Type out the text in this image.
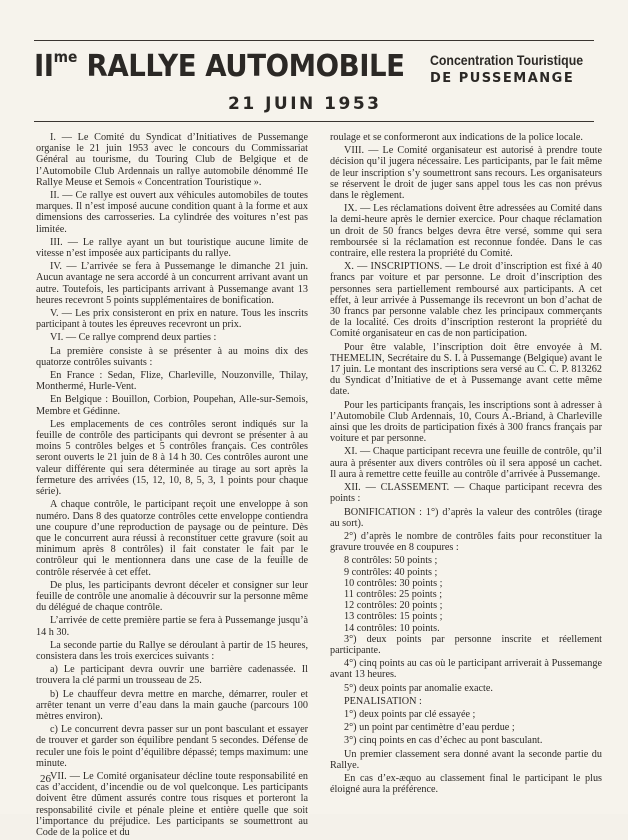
$II^{me}$ RALLYE AUTOMOBILE Concentration Touristique
DE PUSSEMANGE
21 JUIN 1953

I. — Le Comité du Syndicat d’Initiatives de Pussemange organise le 21 juin 1953 avec le concours du Commissariat Général au tourisme, du Touring Club de Belgique et de l’Automobile Club Ardennais un rallye automobile dénommé IIe Rallye Meuse et Semois « Concentration Touristique ».

II. — Ce rallye est ouvert aux véhicules automobiles de toutes marques. Il n’est imposé aucune condition quant à la forme et aux dimensions des carrosseries. La cylindrée des voitures n’est pas limitée.

III. — Le rallye ayant un but touristique aucune limite de vitesse n’est imposée aux participants du rallye.

IV. — L’arrivée se fera à Pussemange le dimanche 21 juin. Aucun avantage ne sera accordé à un concurrent arrivant avant un autre. Toutefois, les participants arrivant à Pussemange avant 13 heures recevront 5 points supplémentaires de bonification.

V. — Les prix consisteront en prix en nature. Tous les inscrits participant à toutes les épreuves recevront un prix.

VI. — Ce rallye comprend deux parties :

La première consiste à se présenter à au moins dix des quatorze contrôles suivants :

En France : Sedan, Flize, Charleville, Nouzonville, Thilay, Monthermé, Hurle-Vent.

En Belgique : Bouillon, Corbion, Poupehan, Alle-sur-Semois, Membre et Gédinne.

Les emplacements de ces contrôles seront indiqués sur la feuille de contrôle des participants qui devront se présenter à au moins 5 contrôles belges et 5 contrôles français. Ces contrôles seront ouverts le 21 juin de 8 à 14 h 30. Ces contrôles auront une valeur différente qui sera déterminée au tirage au sort après la fermeture des arrivées (15, 12, 10, 8, 5, 3, 1 points pour chaque série).

A chaque contrôle, le participant reçoit une enveloppe à son numéro. Dans 8 des quatorze contrôles cette enveloppe contiendra une coupure d’une reproduction de paysage ou de peinture. Dès que le concurrent aura réussi à reconstituer cette gravure (soit au minimum après 8 contrôles) il fait constater le fait par le contrôleur qui le mentionnera dans une case de la feuille de contrôle réservée à cet effet.

De plus, les participants devront déceler et consigner sur leur feuille de contrôle une anomalie à découvrir sur la personne même du délégué de chaque contrôle.

L’arrivée de cette première partie se fera à Pussemange jusqu’à 14 h 30.

La seconde partie du Rallye se déroulant à partir de 15 heures, consistera dans les trois exercices suivants :

a) Le participant devra ouvrir une barrière cadenassée. Il trouvera la clé parmi un trousseau de 25.

b) Le chauffeur devra mettre en marche, démarrer, rouler et arrêter tenant un verre d’eau dans la main gauche (parcours 100 mètres environ).

c) Le concurrent devra passer sur un pont basculant et essayer de trouver et garder son équilibre pendant 5 secondes. Défense de reculer une fois le point d’équilibre dépassé; temps maximum: une minute.

VII. — Le Comité organisateur décline toute responsabilité en cas d’accident, d’incendie ou de vol quelconque. Les participants doivent être dûment assurés contre tous risques et porteront la responsabilité civile et pénale pleine et entière quelle que soit l’importance du préjudice. Les participants se soumettront au Code de la police et du

roulage et se conformeront aux indications de la police locale.

VIII. — Le Comité organisateur est autorisé à prendre toute décision qu’il jugera nécessaire. Les participants, par le fait même de leur inscription s’y soumettront sans recours. Les organisateurs se réservent le droit de juger sans appel tous les cas non prévus dans le règlement.

IX. — Les réclamations doivent être adressées au Comité dans la demi-heure après le dernier exercice. Pour chaque réclamation un droit de 50 francs belges devra être versé, somme qui sera remboursée si la réclamation est reconnue fondée. Dans le cas contraire, elle restera la propriété du Comité.

X. — INSCRIPTIONS. — Le droit d’inscription est fixé à 40 francs par voiture et par personne. Le droit d’inscription des personnes sera partiellement remboursé aux participants. A cet effet, à leur arrivée à Pussemange ils recevront un bon d’achat de 30 francs par personne valable chez les principaux commerçants de la localité. Ces droits d’inscription resteront la propriété du Comité organisateur en cas de non participation.

Pour être valable, l’inscription doit être envoyée à M. THEMELIN, Secrétaire du S. I. à Pussemange (Belgique) avant le 17 juin. Le montant des inscriptions sera versé au C. C. P. 813262 du Syndicat d’Initiative de et à Pussemange avant cette même date.

Pour les participants français, les inscriptions sont à adresser à l’Automobile Club Ardennais, 10, Cours A.-Briand, à Charleville ainsi que les droits de participation fixés à 300 francs français par voiture et par personne.

XI. — Chaque participant recevra une feuille de contrôle, qu’il aura à présenter aux divers contrôles où il sera apposé un cachet. Il aura à remettre cette feuille au contrôle d’arrivée à Pussemange.

XII. — CLASSEMENT. — Chaque participant recevra des points :

BONIFICATION : 1°) d’après la valeur des contrôles (tirage au sort).

2°) d’après le nombre de contrôles faits pour reconstituer la gravure trouvée en 8 coupures :

8 contrôles: 50 points ;
9 contrôles: 40 points ;
10 contrôles: 30 points ;
11 contrôles: 25 points ;
12 contrôles: 20 points ;
13 contrôles: 15 points ;
14 contrôles: 10 points.

3°) deux points par personne inscrite et réellement participante.

4°) cinq points au cas où le participant arriverait à Pussemange avant 13 heures.

5°) deux points par anomalie exacte.

PENALISATION :

1°) deux points par clé essayée ;

2°) un point par centimètre d’eau perdue ;

3°) cinq points en cas d’échec au pont basculant.

Un premier classement sera donné avant la seconde partie du Rallye.

En cas d’ex-æquo au classement final le participant le plus éloigné aura la préférence.

26
